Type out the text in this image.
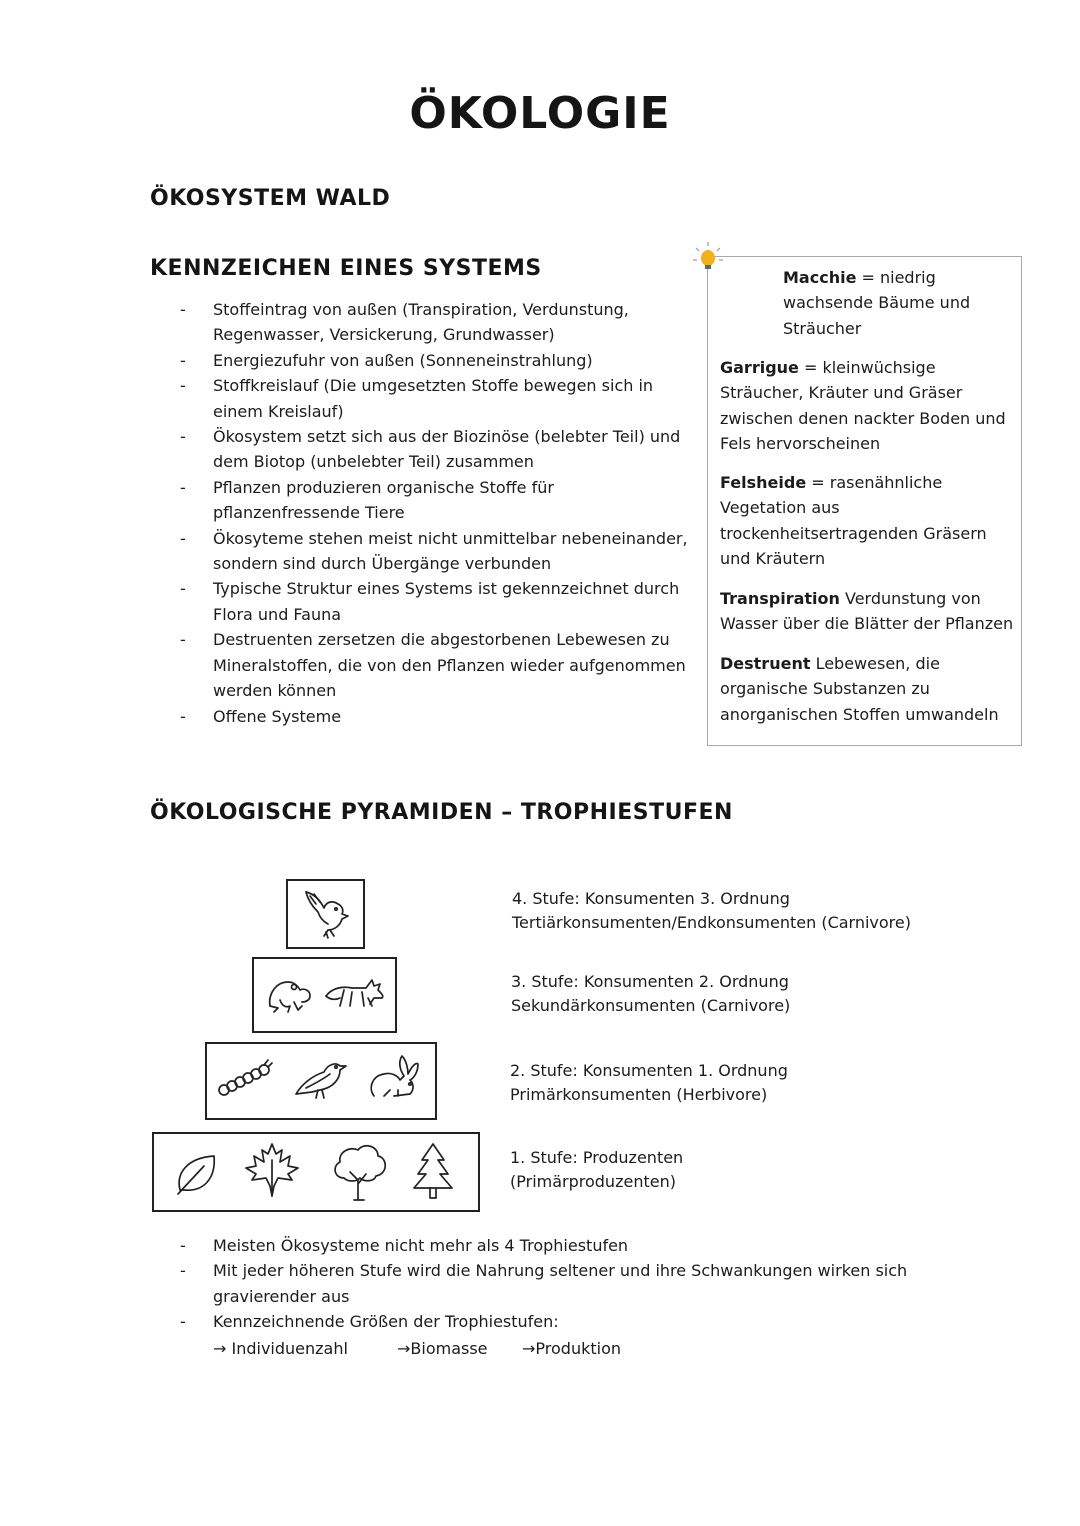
ÖKOLOGIE
ÖKOSYSTEM WALD
KENNZEICHEN EINES SYSTEMS
- Stoffeintrag von außen (Transpiration, Verdunstung, Regenwasser, Versickerung, Grundwasser)
- Energiezufuhr von außen (Sonneneinstrahlung)
- Stoffkreislauf (Die umgesetzten Stoffe bewegen sich in einem Kreislauf)
- Ökosystem setzt sich aus der Biozinöse (belebter Teil) und dem Biotop (unbelebter Teil) zusammen
- Pflanzen produzieren organische Stoffe für pflanzenfressende Tiere
- Ökosyteme stehen meist nicht unmittelbar nebeneinander, sondern sind durch Übergänge verbunden
- Typische Struktur eines Systems ist gekennzeichnet durch Flora und Fauna
- Destruenten zersetzen die abgestorbenen Lebewesen zu Mineralstoffen, die von den Pflanzen wieder aufgenommen werden können
- Offene Systeme
Macchie = niedrig wachsende Bäume und Sträucher
Garrigue = kleinwüchsige Sträucher, Kräuter und Gräser zwischen denen nackter Boden und Fels hervorscheinen
Felsheide = rasenähnliche Vegetation aus trockenheitsertragenden Gräsern und Kräutern
Transpiration Verdunstung von Wasser über die Blätter der Pflanzen
Destruent Lebewesen, die organische Substanzen zu anorganischen Stoffen umwandeln
ÖKOLOGISCHE PYRAMIDEN – TROPHIESTUFEN
4. Stufe: Konsumenten 3. Ordnung
Tertiärkonsumenten/Endkonsumenten (Carnivore)
3. Stufe: Konsumenten 2. Ordnung
Sekundärkonsumenten (Carnivore)
2. Stufe: Konsumenten 1. Ordnung
Primärkonsumenten (Herbivore)
1. Stufe: Produzenten
(Primärproduzenten)
- Meisten Ökosysteme nicht mehr als 4 Trophiestufen
- Mit jeder höheren Stufe wird die Nahrung seltener und ihre Schwankungen wirken sich gravierender aus
- Kennzeichnende Größen der Trophiestufen:
→ Individuenzahl	→Biomasse →Produktion
